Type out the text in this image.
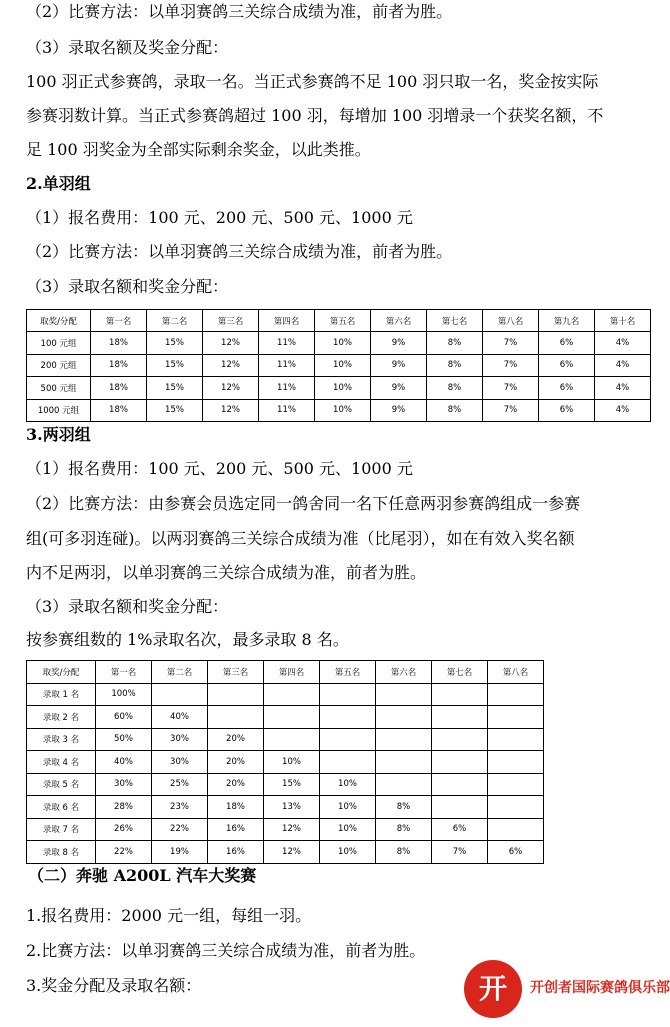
（2）比赛方法：以单羽赛鸽三关综合成绩为准，前者为胜。
（3）录取名额及奖金分配：
100 羽正式参赛鸽，录取一名。当正式参赛鸽不足 100 羽只取一名，奖金按实际
参赛羽数计算。当正式参赛鸽超过 100 羽，每增加 100 羽增录一个获奖名额，不
足 100 羽奖金为全部实际剩余奖金，以此类推。
2.单羽组
（1）报名费用：100 元、200 元、500 元、1000 元
（2）比赛方法：以单羽赛鸽三关综合成绩为准，前者为胜。
（3）录取名额和奖金分配：
取奖/分配	第一名	第二名	第三名	第四名	第五名	第六名	第七名	第八名	第九名	第十名
100 元组	18%	15%	12%	11%	10%	9%	8%	7%	6%	4%
200 元组	18%	15%	12%	11%	10%	9%	8%	7%	6%	4%
500 元组	18%	15%	12%	11%	10%	9%	8%	7%	6%	4%
1000 元组	18%	15%	12%	11%	10%	9%	8%	7%	6%	4%
3.两羽组
（1）报名费用：100 元、200 元、500 元、1000 元
（2）比赛方法：由参赛会员选定同一鸽舍同一名下任意两羽参赛鸽组成一参赛
组(可多羽连碰)。以两羽赛鸽三关综合成绩为准（比尾羽），如在有效入奖名额
内不足两羽，以单羽赛鸽三关综合成绩为准，前者为胜。
（3）录取名额和奖金分配：
按参赛组数的 1%录取名次，最多录取 8 名。
取奖/分配	第一名	第二名	第三名	第四名	第五名	第六名	第七名	第八名
录取 1 名	100%							
录取 2 名	60%	40%						
录取 3 名	50%	30%	20%					
录取 4 名	40%	30%	20%	10%				
录取 5 名	30%	25%	20%	15%	10%			
录取 6 名	28%	23%	18%	13%	10%	8%		
录取 7 名	26%	22%	16%	12%	10%	8%	6%	
录取 8 名	22%	19%	16%	12%	10%	8%	7%	6%
（二）奔驰 A200L 汽车大奖赛
1.报名费用：2000 元一组，每组一羽。
2.比赛方法：以单羽赛鸽三关综合成绩为准，前者为胜。
3.奖金分配及录取名额：	开	开创者国际赛鸽俱乐部
